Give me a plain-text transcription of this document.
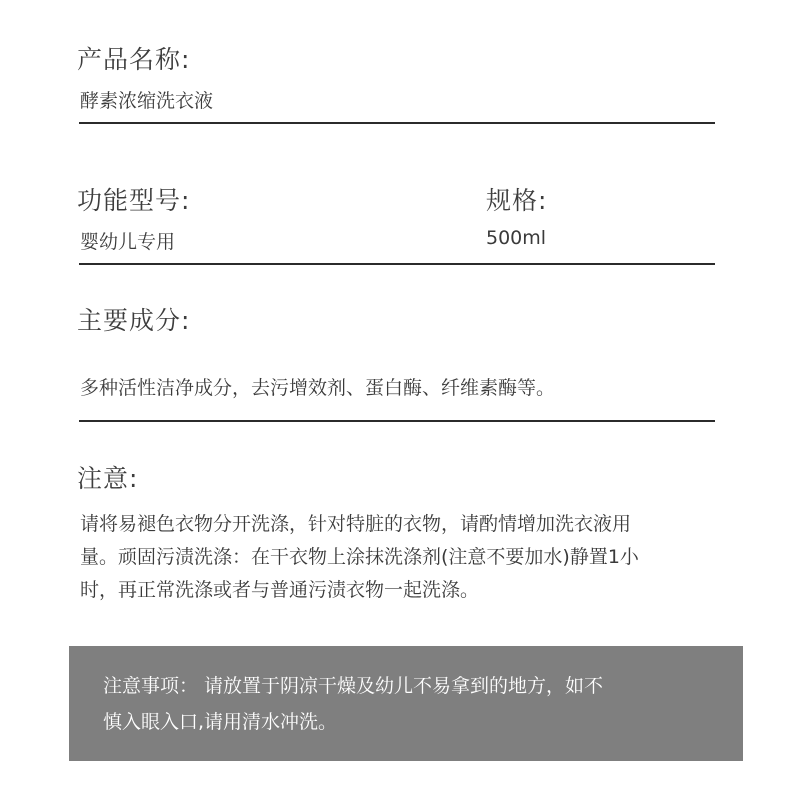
产品名称:
酵素浓缩洗衣液
功能型号:
婴幼儿专用
规格:
500ml
主要成分:
多种活性洁净成分，去污增效剂、蛋白酶、纤维素酶等。
注意:
请将易褪色衣物分开洗涤，针对特脏的衣物，请酌情增加洗衣液用
量。顽固污渍洗涤：在干衣物上涂抹洗涤剂(注意不要加水)静置1小
时，再正常洗涤或者与普通污渍衣物一起洗涤。
注意事项： 请放置于阴凉干燥及幼儿不易拿到的地方，如不
慎入眼入口,请用清水冲洗。
